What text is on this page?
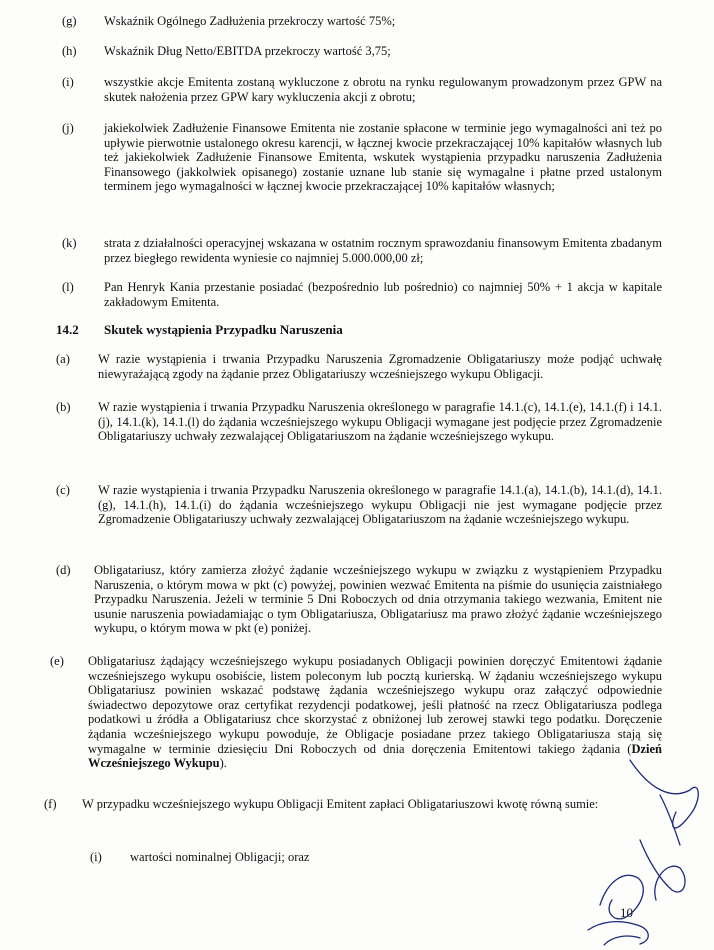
(g) Wskaźnik Ogólnego Zadłużenia przekroczy wartość 75%;
(h) Wskaźnik Dług Netto/EBITDA przekroczy wartość 3,75;
(i) wszystkie akcje Emitenta zostaną wykluczone z obrotu na rynku regulowanym prowadzonym przez GPW na skutek nałożenia przez GPW kary wykluczenia akcji z obrotu;
(j) jakiekolwiek Zadłużenie Finansowe Emitenta nie zostanie spłacone w terminie jego wymagalności ani też po upływie pierwotnie ustalonego okresu karencji, w łącznej kwocie przekraczającej 10% kapitałów własnych lub też jakiekolwiek Zadłużenie Finansowe Emitenta, wskutek wystąpienia przypadku naruszenia Zadłużenia Finansowego (jakkolwiek opisanego) zostanie uznane lub stanie się wymagalne i płatne przed ustalonym terminem jego wymagalności w łącznej kwocie przekraczającej 10% kapitałów własnych;
(k) strata z działalności operacyjnej wskazana w ostatnim rocznym sprawozdaniu finansowym Emitenta zbadanym przez biegłego rewidenta wyniesie co najmniej 5.000.000,00 zł;
(l) Pan Henryk Kania przestanie posiadać (bezpośrednio lub pośrednio) co najmniej 50% + 1 akcja w kapitale zakładowym Emitenta.
14.2 Skutek wystąpienia Przypadku Naruszenia
(a) W razie wystąpienia i trwania Przypadku Naruszenia Zgromadzenie Obligatariuszy może podjąć uchwałę niewyrażającą zgody na żądanie przez Obligatariuszy wcześniejszego wykupu Obligacji.
(b) W razie wystąpienia i trwania Przypadku Naruszenia określonego w paragrafie 14.1.(c), 14.1.(e), 14.1.(f) i 14.1.(j), 14.1.(k), 14.1.(l) do żądania wcześniejszego wykupu Obligacji wymagane jest podjęcie przez Zgromadzenie Obligatariuszy uchwały zezwalającej Obligatariuszom na żądanie wcześniejszego wykupu.
(c) W razie wystąpienia i trwania Przypadku Naruszenia określonego w paragrafie 14.1.(a), 14.1.(b), 14.1.(d), 14.1.(g), 14.1.(h), 14.1.(i) do żądania wcześniejszego wykupu Obligacji nie jest wymagane podjęcie przez Zgromadzenie Obligatariuszy uchwały zezwalającej Obligatariuszom na żądanie wcześniejszego wykupu.
(d) Obligatariusz, który zamierza złożyć żądanie wcześniejszego wykupu w związku z wystąpieniem Przypadku Naruszenia, o którym mowa w pkt (c) powyżej, powinien wezwać Emitenta na piśmie do usunięcia zaistniałego Przypadku Naruszenia. Jeżeli w terminie 5 Dni Roboczych od dnia otrzymania takiego wezwania, Emitent nie usunie naruszenia powiadamiając o tym Obligatariusza, Obligatariusz ma prawo złożyć żądanie wcześniejszego wykupu, o którym mowa w pkt (e) poniżej.
(e) Obligatariusz żądający wcześniejszego wykupu posiadanych Obligacji powinien doręczyć Emitentowi żądanie wcześniejszego wykupu osobiście, listem poleconym lub pocztą kurierską. W żądaniu wcześniejszego wykupu Obligatariusz powinien wskazać podstawę żądania wcześniejszego wykupu oraz załączyć odpowiednie świadectwo depozytowe oraz certyfikat rezydencji podatkowej, jeśli płatność na rzecz Obligatariusza podlega podatkowi u źródła a Obligatariusz chce skorzystać z obniżonej lub zerowej stawki tego podatku. Doręczenie żądania wcześniejszego wykupu powoduje, że Obligacje posiadane przez takiego Obligatariusza stają się wymagalne w terminie dziesięciu Dni Roboczych od dnia doręczenia Emitentowi takiego żądania (Dzień Wcześniejszego Wykupu).
(f) W przypadku wcześniejszego wykupu Obligacji Emitent zapłaci Obligatariuszowi kwotę równą sumie:
(i) wartości nominalnej Obligacji; oraz
10
